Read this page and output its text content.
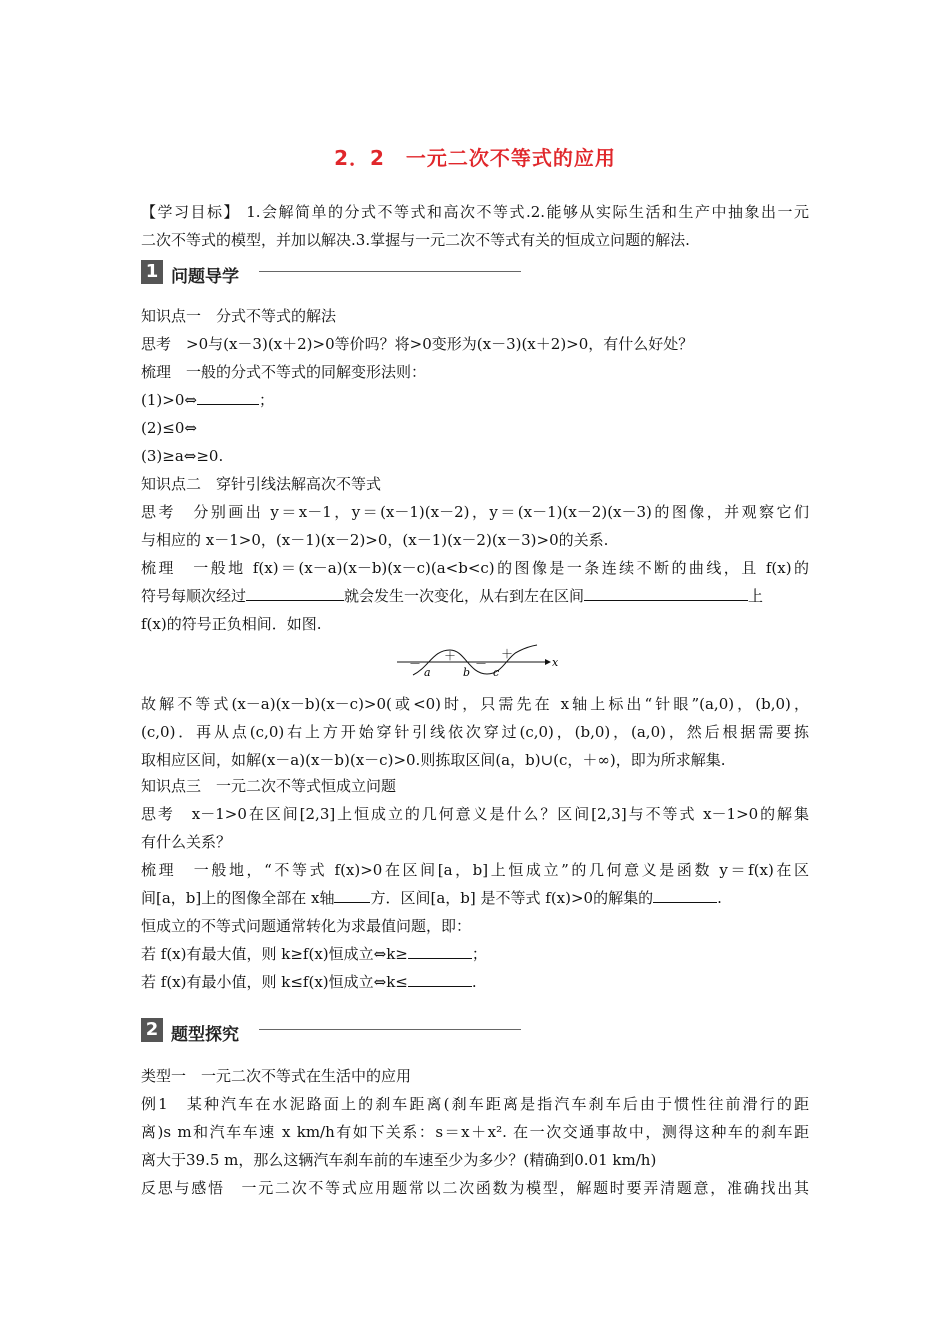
2．2　一元二次不等式的应用
【学习目标】 1.会解简单的分式不等式和高次不等式.2.能够从实际生活和生产中抽象出一元
二次不等式的模型，并加以解决.3.掌握与一元二次不等式有关的恒成立问题的解法.
1 问题导学
知识点一　分式不等式的解法
思考　>0与(x－3)(x＋2)>0等价吗？将>0变形为(x－3)(x＋2)>0，有什么好处？
梳理　一般的分式不等式的同解变形法则：
(1)>0⇔	；
(2)≤0⇔
(3)≥a⇔≥0.
知识点二　穿针引线法解高次不等式
思考　分别画出 y＝x－1，y＝(x－1)(x－2)，y＝(x－1)(x－2)(x－3)的图像，并观察它们
与相应的 x－1>0，(x－1)(x－2)>0，(x－1)(x－2)(x－3)>0的关系.
梳理　一般地 f(x)＝(x－a)(x－b)(x－c)(a<b<c)的图像是一条连续不断的曲线，且 f(x)的
符号每顺次经过	就会发生一次变化，从右到左在区间	上
f(x)的符号正负相间．如图.
－
＋
－
＋
a	b c
x
故解不等式(x－a)(x－b)(x－c)>0(或<0)时，只需先在 x轴上标出“针眼”(a,0)，(b,0)，
(c,0)．再从点(c,0)右上方开始穿针引线依次穿过(c,0)，(b,0)，(a,0)，然后根据需要拣
取相应区间，如解(x－a)(x－b)(x－c)>0.则拣取区间(a，b)∪(c，＋∞)，即为所求解集.
知识点三　一元二次不等式恒成立问题
思考　x－1>0在区间[2,3]上恒成立的几何意义是什么？区间[2,3]与不等式 x－1>0的解集
有什么关系？
梳理　一般地，“不等式 f(x)>0在区间[a，b]上恒成立”的几何意义是函数 y＝f(x)在区
间[a，b]上的图像全部在 x轴 方．区间[a，b] 是不等式 f(x)>0的解集的	.
恒成立的不等式问题通常转化为求最值问题，即：
若 f(x)有最大值，则 k≥f(x)恒成立⇔k≥	；
若 f(x)有最小值，则 k≤f(x)恒成立⇔k≤	.
2 题型探究
类型一　一元二次不等式在生活中的应用
例1　某种汽车在水泥路面上的刹车距离(刹车距离是指汽车刹车后由于惯性往前滑行的距
离)s m和汽车车速 x km/h有如下关系：s＝x＋x². 在一次交通事故中，测得这种车的刹车距
离大于39.5 m，那么这辆汽车刹车前的车速至少为多少？(精确到0.01 km/h)
反思与感悟　一元二次不等式应用题常以二次函数为模型，解题时要弄清题意，准确找出其
